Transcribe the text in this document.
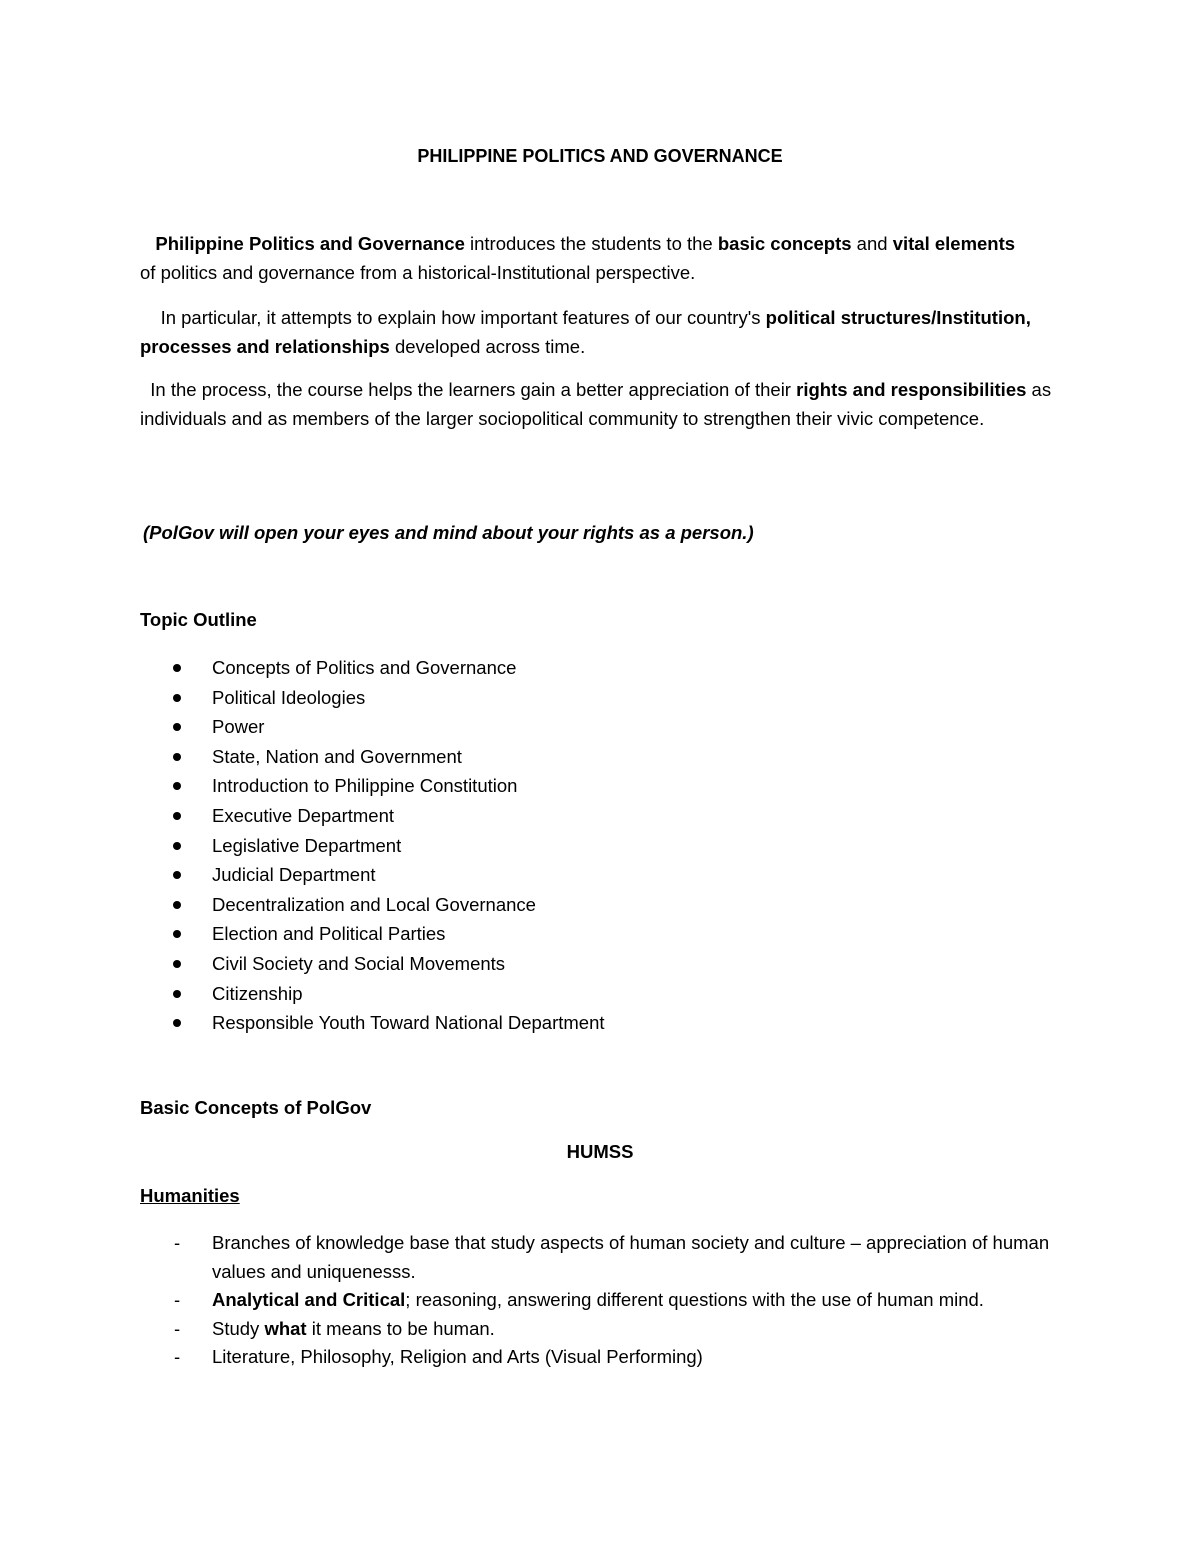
PHILIPPINE POLITICS AND GOVERNANCE

Philippine Politics and Governance introduces the students to the basic concepts and vital elements
of politics and governance from a historical-Institutional perspective.

In particular, it attempts to explain how important features of our country's political structures/Institution, processes and relationships developed across time.

In the process, the course helps the learners gain a better appreciation of their rights and responsibilities as individuals and as members of the larger sociopolitical community to strengthen their vivic competence.

(PolGov will open your eyes and mind about your rights as a person.)
Topic Outline
Concepts of Politics and Governance
Political Ideologies
Power
State, Nation and Government
Introduction to Philippine Constitution
Executive Department
Legislative Department
Judicial Department
Decentralization and Local Governance
Election and Political Parties
Civil Society and Social Movements
Citizenship
Responsible Youth Toward National Department
Basic Concepts of PolGov
HUMSS
Humanities
- Branches of knowledge base that study aspects of human society and culture – appreciation of human values and uniquenesss.
- Analytical and Critical; reasoning, answering different questions with the use of human mind.
- Study what it means to be human.
- Literature, Philosophy, Religion and Arts (Visual Performing)
